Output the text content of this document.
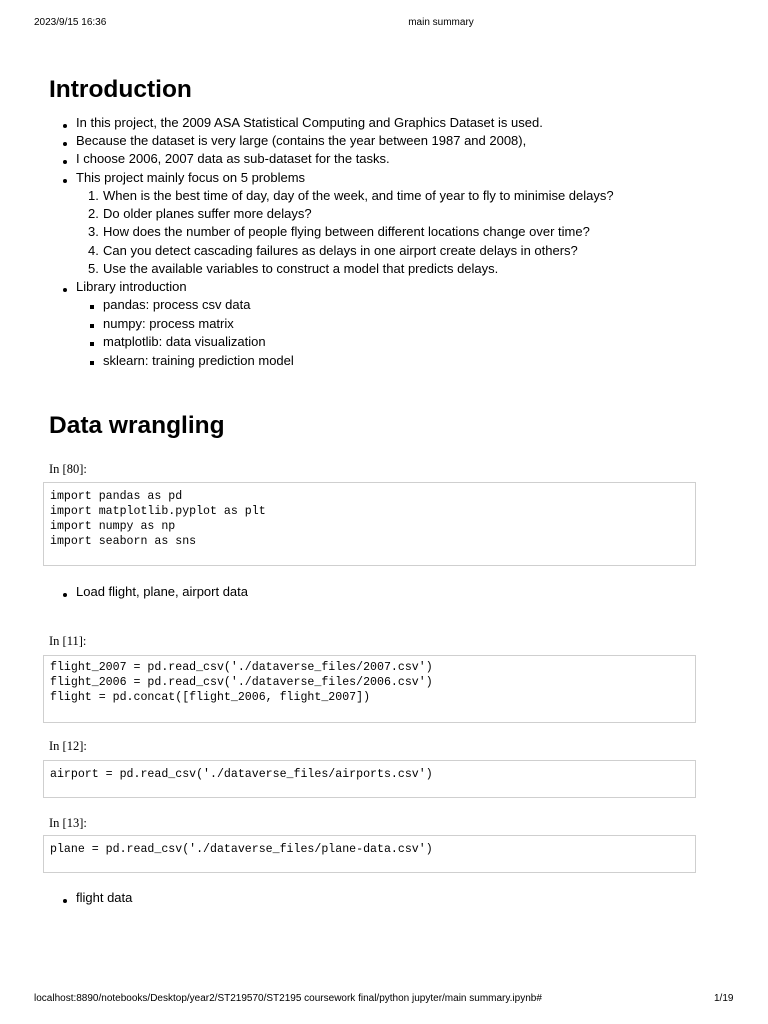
2023/9/15 16:36	main summary
Introduction
In this project, the 2009 ASA Statistical Computing and Graphics Dataset is used.
Because the dataset is very large (contains the year between 1987 and 2008),
I choose 2006, 2007 data as sub-dataset for the tasks.
This project mainly focus on 5 problems
1. When is the best time of day, day of the week, and time of year to fly to minimise delays?
2. Do older planes suffer more delays?
3. How does the number of people flying between different locations change over time?
4. Can you detect cascading failures as delays in one airport create delays in others?
5. Use the available variables to construct a model that predicts delays.
Library introduction
pandas: process csv data
numpy: process matrix
matplotlib: data visualization
sklearn: training prediction model
Data wrangling
In [80]:
import pandas as pd
import matplotlib.pyplot as plt
import numpy as np
import seaborn as sns
Load flight, plane, airport data
In [11]:
flight_2007 = pd.read_csv('./dataverse_files/2007.csv')
flight_2006 = pd.read_csv('./dataverse_files/2006.csv')
flight = pd.concat([flight_2006, flight_2007])
In [12]:
airport = pd.read_csv('./dataverse_files/airports.csv')
In [13]:
plane = pd.read_csv('./dataverse_files/plane-data.csv')
flight data
localhost:8890/notebooks/Desktop/year2/ST219570/ST2195 coursework final/python jupyter/main summary.ipynb#	1/19
